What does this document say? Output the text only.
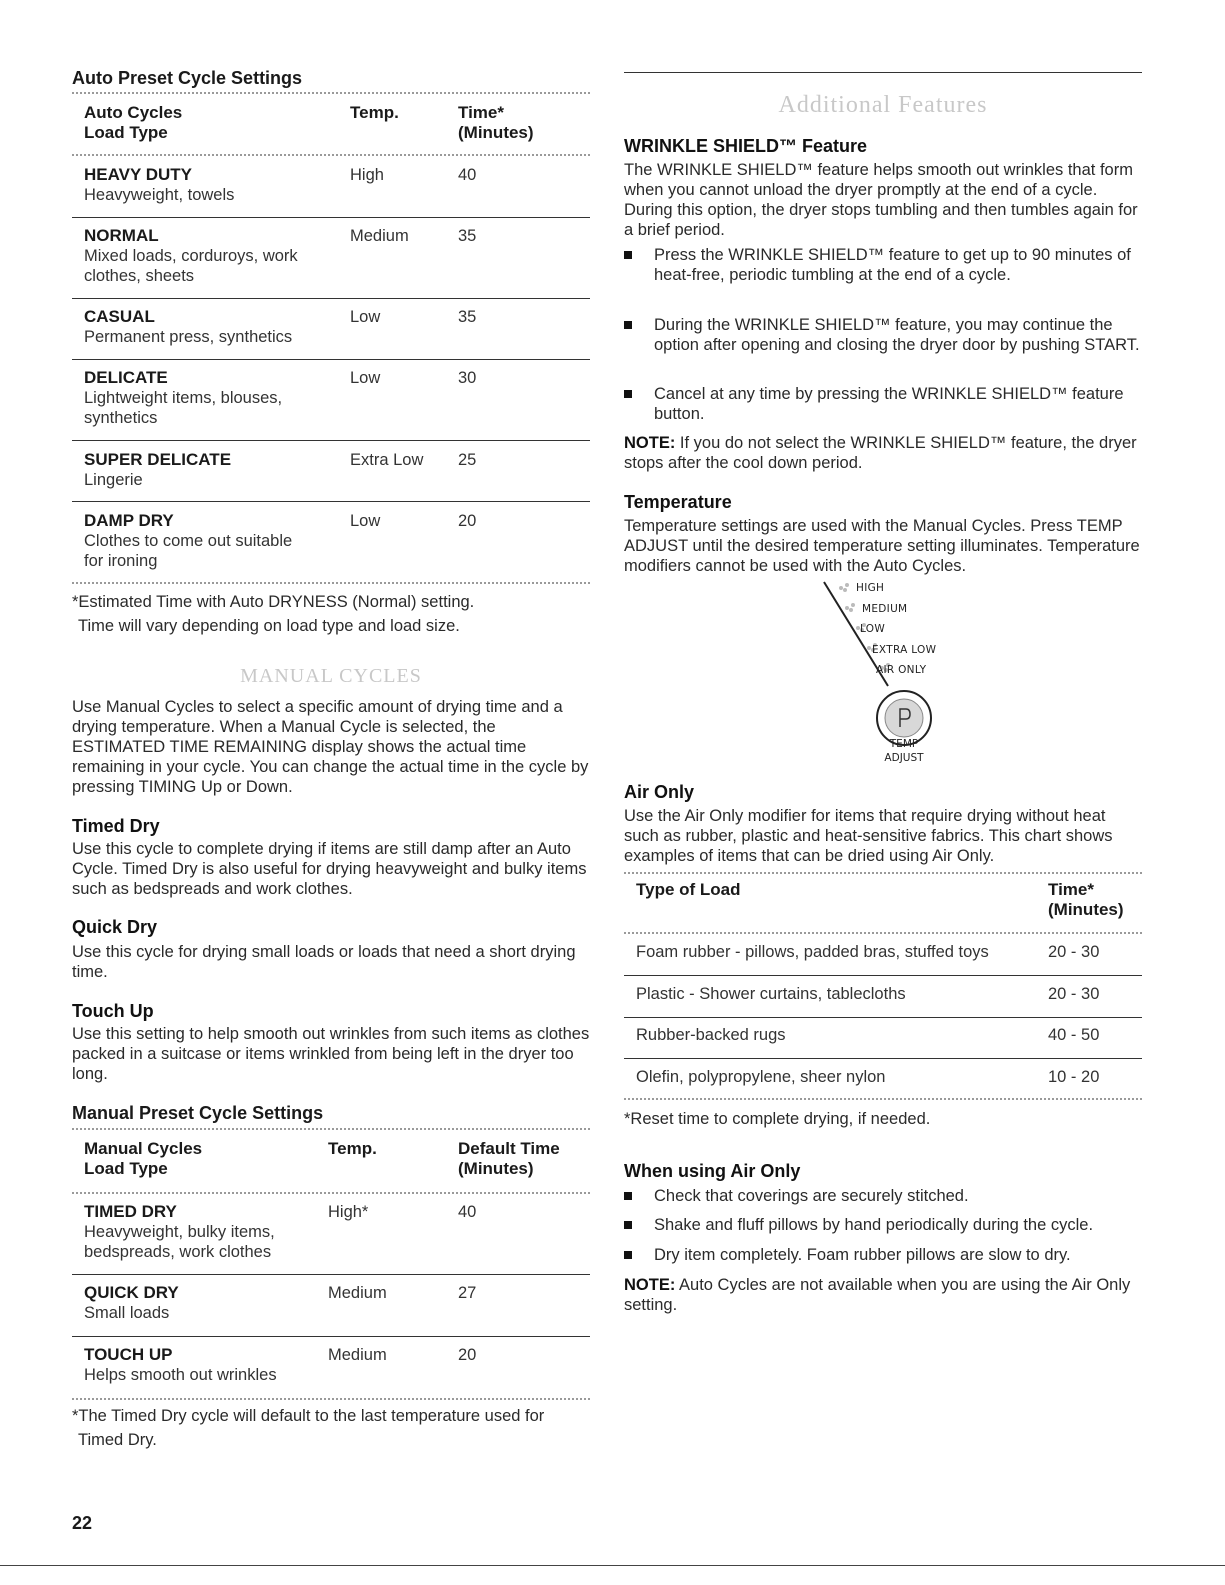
Auto Preset Cycle Settings
Auto Cycles
Load Type
Temp.	Time*
(Minutes)
HEAVY DUTY
Heavyweight, towels
High	40
NORMAL
Mixed loads, corduroys, work
clothes, sheets
Medium	35
CASUAL
Permanent press, synthetics
Low	35
DELICATE
Lightweight items, blouses,
synthetics
Low	30
SUPER DELICATE
Lingerie
Extra Low 25
DAMP DRY
Clothes to come out suitable
for ironing
Low	20
*Estimated Time with Auto DRYNESS (Normal) setting.
Time will vary depending on load type and load size.
MANUAL CYCLES
Use Manual Cycles to select a specific amount of drying time and a drying temperature. When a Manual Cycle is selected, the ESTIMATED TIME REMAINING display shows the actual time remaining in your cycle. You can change the actual time in the cycle by pressing TIMING Up or Down.
Timed Dry
Use this cycle to complete drying if items are still damp after an Auto Cycle. Timed Dry is also useful for drying heavyweight and bulky items such as bedspreads and work clothes.
Quick Dry
Use this cycle for drying small loads or loads that need a short drying time.
Touch Up
Use this setting to help smooth out wrinkles from such items as clothes packed in a suitcase or items wrinkled from being left in the dryer too long.
Manual Preset Cycle Settings
Manual Cycles
Load Type
Temp.	Default Time
(Minutes)
TIMED DRY
Heavyweight, bulky items,
bedspreads, work clothes
High*	40
QUICK DRY
Small loads
Medium	27
TOUCH UP
Helps smooth out wrinkles
Medium	20
*The Timed Dry cycle will default to the last temperature used for
Timed Dry.
Additional Features
WRINKLE SHIELD™ Feature
The WRINKLE SHIELD™ feature helps smooth out wrinkles that form when you cannot unload the dryer promptly at the end of a cycle. During this option, the dryer stops tumbling and then tumbles again for a brief period.
Press the WRINKLE SHIELD™ feature to get up to 90 minutes of heat-free, periodic tumbling at the end of a cycle.
During the WRINKLE SHIELD™ feature, you may continue the option after opening and closing the dryer door by pushing START.
Cancel at any time by pressing the WRINKLE SHIELD™ feature button.
NOTE: If you do not select the WRINKLE SHIELD™ feature, the dryer stops after the cool down period.
Temperature
Temperature settings are used with the Manual Cycles. Press TEMP ADJUST until the desired temperature setting illuminates. Temperature modifiers cannot be used with the Auto Cycles.
HIGH
MEDIUM
LOW
EXTRA LOW
AIR ONLY
TEMP
ADJUST
Air Only
Use the Air Only modifier for items that require drying without heat such as rubber, plastic and heat-sensitive fabrics. This chart shows examples of items that can be dried using Air Only.
Type of Load	Time*
(Minutes)
Foam rubber - pillows, padded bras, stuffed toys	20 - 30
Plastic - Shower curtains, tablecloths	20 - 30
Rubber-backed rugs	40 - 50
Olefin, polypropylene, sheer nylon	10 - 20
*Reset time to complete drying, if needed.
When using Air Only
Check that coverings are securely stitched.
Shake and fluff pillows by hand periodically during the cycle.
Dry item completely. Foam rubber pillows are slow to dry.
NOTE: Auto Cycles are not available when you are using the Air Only setting.
22
